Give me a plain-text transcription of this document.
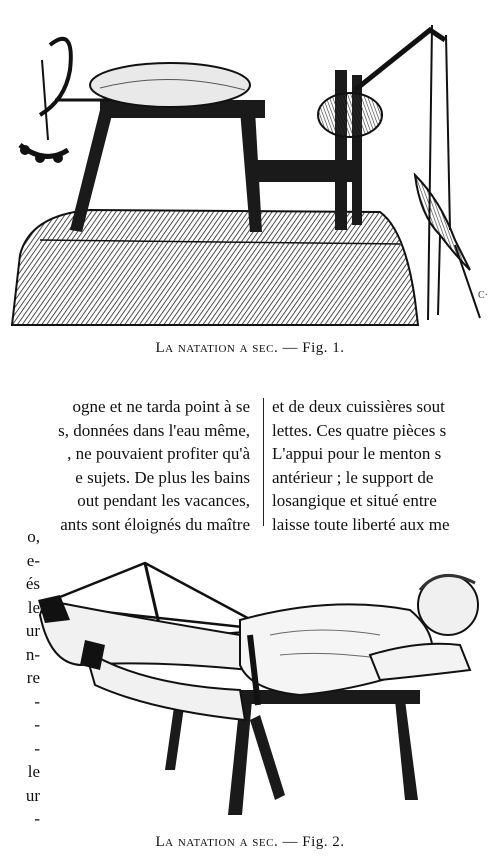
C·
La natation a sec. — Fig. 1.
ogne et ne tarda point à se
s, données dans l'eau même,
, ne pouvaient profiter qu'à
e sujets. De plus les bains
out pendant les vacances,
ants sont éloignés du maître
et de deux cuissières sout
lettes. Ces quatre pièces s
L'appui pour le menton s
antérieur ; le support de
losangique et situé entre
laisse toute liberté aux me
o,
e-
és
le
ur
n-
re
-
-
-
le
ur
-
La natation a sec. — Fig. 2.
